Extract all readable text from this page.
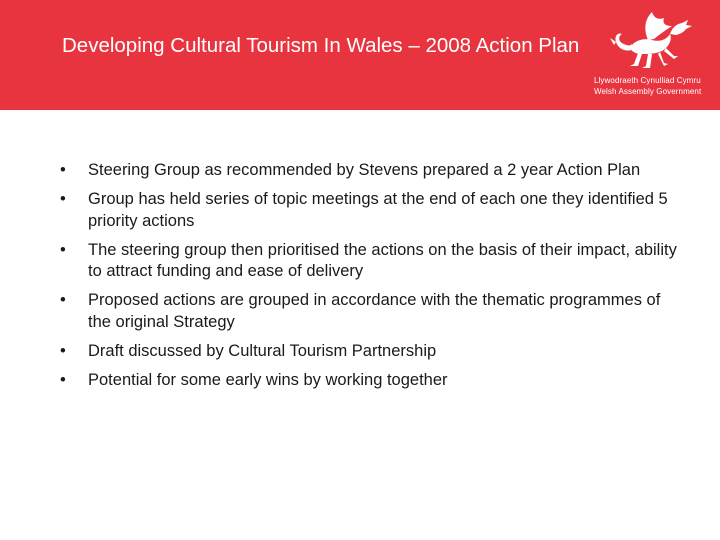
Developing Cultural Tourism In Wales – 2008 Action Plan
Llywodraeth Cynulliad Cymru
Welsh Assembly Government
•	Steering Group as recommended by Stevens prepared a 2 year Action Plan
•	Group has held series of topic meetings at the end of each one they identified 5 priority actions
•	The steering group then prioritised the actions on the basis of their impact, ability to attract funding and ease of delivery
•	Proposed actions are grouped in accordance with the thematic programmes of the original Strategy
•	Draft discussed by Cultural Tourism Partnership
•	Potential for some early wins by working together
